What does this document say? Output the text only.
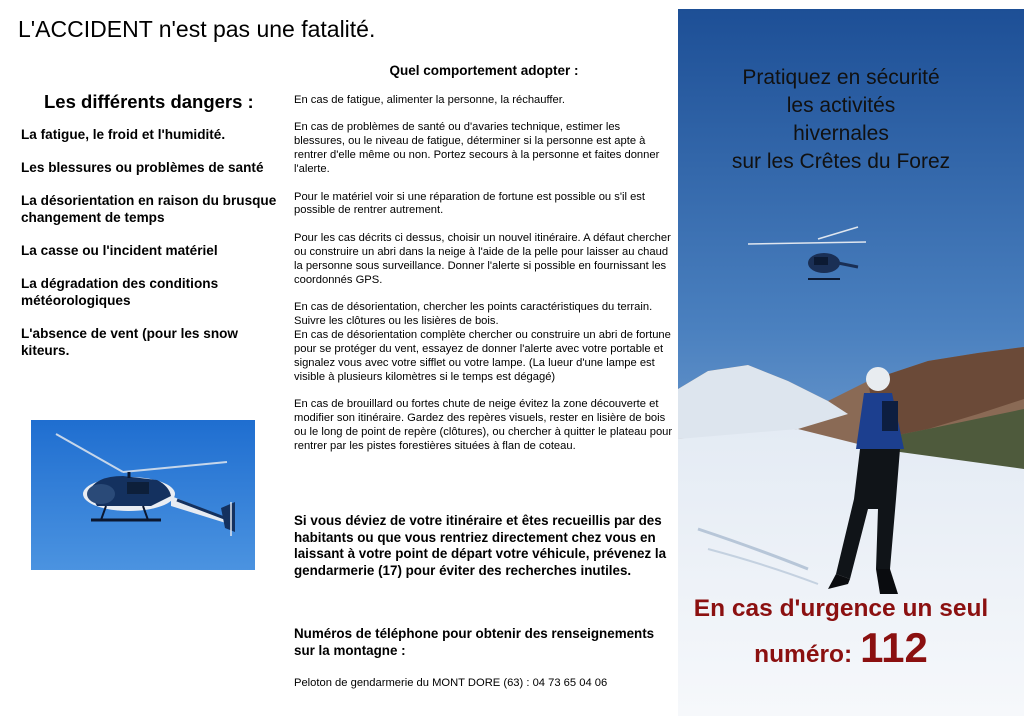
L'ACCIDENT n'est pas une fatalité.
Les différents dangers :
La fatigue, le froid et l'humidité.
Les blessures ou problèmes de santé
La désorientation en raison du brusque changement de temps
La casse ou l'incident matériel
La dégradation des conditions météorologiques
L'absence de vent (pour les snow kiteurs.
Quel comportement adopter :

En cas de fatigue, alimenter la personne, la réchauffer.

En cas de problèmes de santé ou d'avaries technique, estimer les blessures, ou le niveau de fatigue, déterminer si la personne est apte à rentrer d'elle même ou non. Portez secours à la personne et faites donner l'alerte.

Pour le matériel voir si une réparation de fortune est possible ou s'il est possible de rentrer autrement.

Pour les cas décrits ci dessus, choisir un nouvel itinéraire. A défaut chercher ou construire un abri dans la neige à l'aide de la pelle pour laisser au chaud la personne sous surveillance. Donner l'alerte si possible en fournissant les coordonnés GPS.

En cas de désorientation, chercher les points caractéristiques du terrain. Suivre les clôtures ou les lisières de bois.

En cas de désorientation complète chercher ou construire un abri de fortune pour se protéger du vent, essayez de donner l'alerte avec votre portable et signalez vous avec votre sifflet ou votre lampe. (La lueur d'une lampe est visible à plusieurs kilomètres si le temps est dégagé)

En cas de brouillard ou fortes chute de neige évitez la zone découverte et modifier son itinéraire. Gardez des repères visuels, rester en lisière de bois ou le long de point de repère (clôtures), ou chercher à quitter le plateau pour rentrer par les pistes forestières situées à flan de coteau.

Si vous déviez de votre itinéraire et êtes recueillis par des habitants ou que vous rentriez directement chez vous en laissant à votre point de départ votre véhicule, prévenez la gendarmerie (17) pour éviter des recherches inutiles.

Numéros de téléphone pour obtenir des renseignements sur la montagne :

Peloton de gendarmerie du MONT DORE (63) : 04 73 65 04 06
Pratiquez en sécurité
les activités
hivernales
sur les Crêtes du Forez
En cas d'urgence un seul
numéro: 112
